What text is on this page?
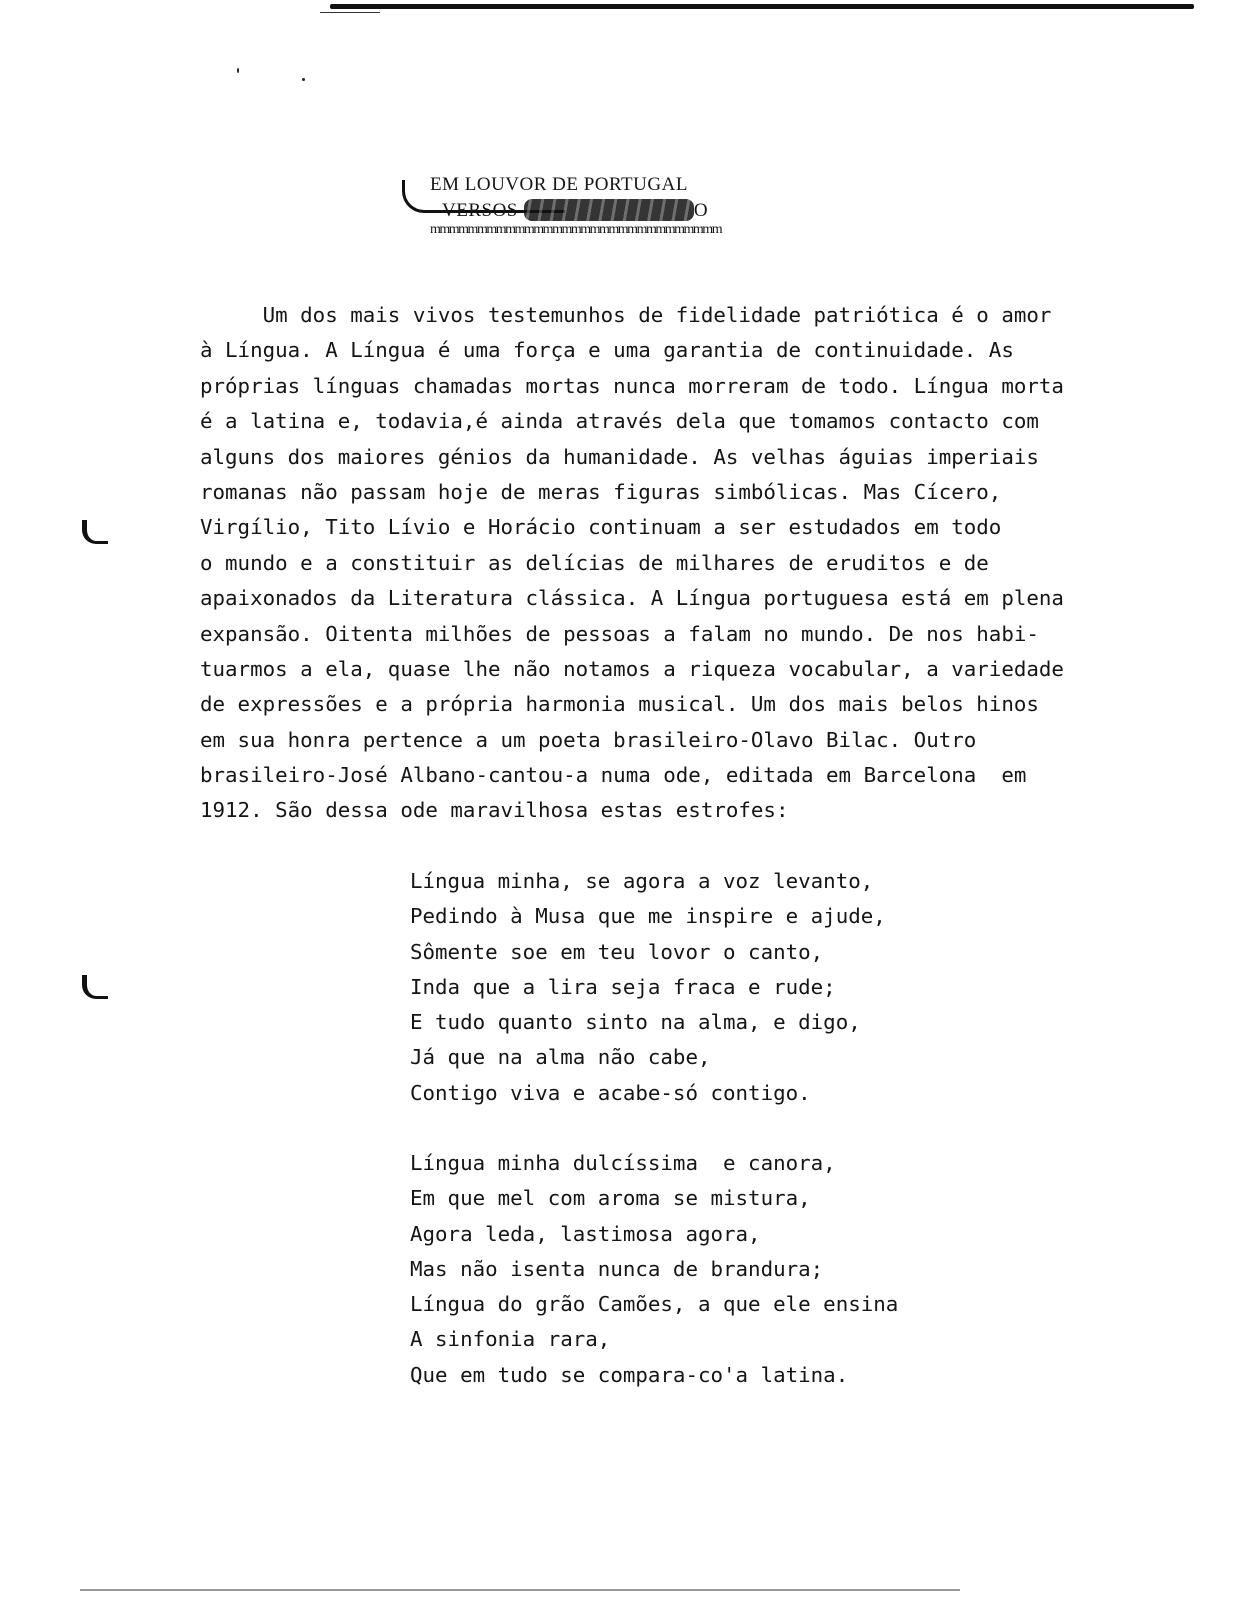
EM LOUVOR DE PORTUGAL
VERSOS	O
mmmmmmmmmmmmmmmmmmmmmmmmmmmmmmm
Um dos mais vivos testemunhos de fidelidade patriótica é o amor
à Língua. A Língua é uma força e uma garantia de continuidade. As
próprias línguas chamadas mortas nunca morreram de todo. Língua morta
é a latina e, todavia,é ainda através dela que tomamos contacto com
alguns dos maiores génios da humanidade. As velhas águias imperiais
romanas não passam hoje de meras figuras simbólicas. Mas Cícero,
Virgílio, Tito Lívio e Horácio continuam a ser estudados em todo
o mundo e a constituir as delícias de milhares de eruditos e de
apaixonados da Literatura clássica. A Língua portuguesa está em plena
expansão. Oitenta milhões de pessoas a falam no mundo. De nos habi-
tuarmos a ela, quase lhe não notamos a riqueza vocabular, a variedade
de expressões e a própria harmonia musical. Um dos mais belos hinos
em sua honra pertence a um poeta brasileiro-Olavo Bilac. Outro
brasileiro-José Albano-cantou-a numa ode, editada em Barcelona  em
1912. São dessa ode maravilhosa estas estrofes:
Língua minha, se agora a voz levanto,
Pedindo à Musa que me inspire e ajude,
Sômente soe em teu lovor o canto,
Inda que a lira seja fraca e rude;
E tudo quanto sinto na alma, e digo,
Já que na alma não cabe,
Contigo viva e acabe-só contigo.
Língua minha dulcíssima  e canora,
Em que mel com aroma se mistura,
Agora leda, lastimosa agora,
Mas não isenta nunca de brandura;
Língua do grão Camões, a que ele ensina
A sinfonia rara,
Que em tudo se compara-co'a latina.
